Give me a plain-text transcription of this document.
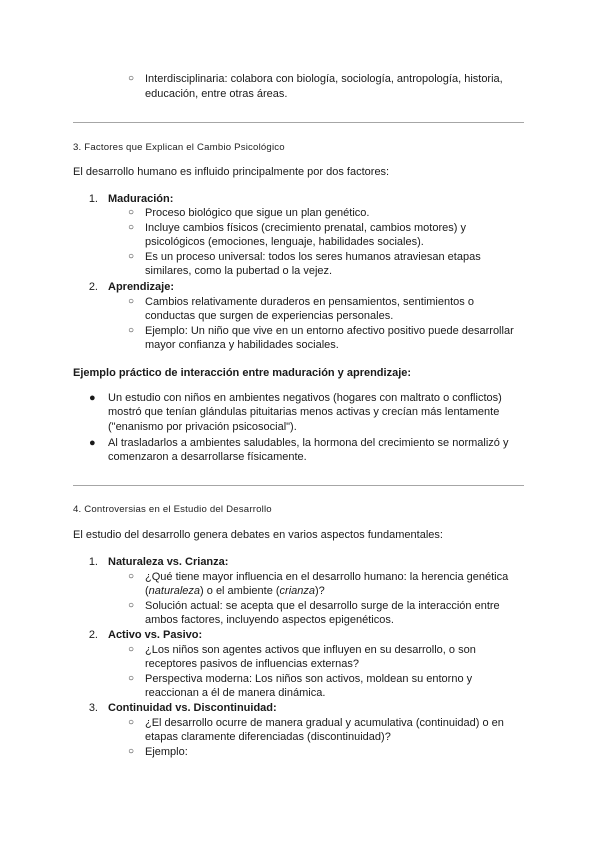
○ Interdisciplinaria: colabora con biología, sociología, antropología, historia,
educación, entre otras áreas.
3. Factores que Explican el Cambio Psicológico
El desarrollo humano es influido principalmente por dos factores:
1. Maduración:
○ Proceso biológico que sigue un plan genético.
○ Incluye cambios físicos (crecimiento prenatal, cambios motores) y
psicológicos (emociones, lenguaje, habilidades sociales).
○ Es un proceso universal: todos los seres humanos atraviesan etapas
similares, como la pubertad o la vejez.
2. Aprendizaje:
○ Cambios relativamente duraderos en pensamientos, sentimientos o
conductas que surgen de experiencias personales.
○ Ejemplo: Un niño que vive en un entorno afectivo positivo puede desarrollar
mayor confianza y habilidades sociales.
Ejemplo práctico de interacción entre maduración y aprendizaje:
● Un estudio con niños en ambientes negativos (hogares con maltrato o conflictos)
mostró que tenían glándulas pituitarias menos activas y crecían más lentamente
("enanismo por privación psicosocial").
● Al trasladarlos a ambientes saludables, la hormona del crecimiento se normalizó y
comenzaron a desarrollarse físicamente.
4. Controversias en el Estudio del Desarrollo
El estudio del desarrollo genera debates en varios aspectos fundamentales:
1. Naturaleza vs. Crianza:
○ ¿Qué tiene mayor influencia en el desarrollo humano: la herencia genética
(naturaleza) o el ambiente (crianza)?
○ Solución actual: se acepta que el desarrollo surge de la interacción entre
ambos factores, incluyendo aspectos epigenéticos.
2. Activo vs. Pasivo:
○ ¿Los niños son agentes activos que influyen en su desarrollo, o son
receptores pasivos de influencias externas?
○ Perspectiva moderna: Los niños son activos, moldean su entorno y
reaccionan a él de manera dinámica.
3. Continuidad vs. Discontinuidad:
○ ¿El desarrollo ocurre de manera gradual y acumulativa (continuidad) o en
etapas claramente diferenciadas (discontinuidad)?
○ Ejemplo:
